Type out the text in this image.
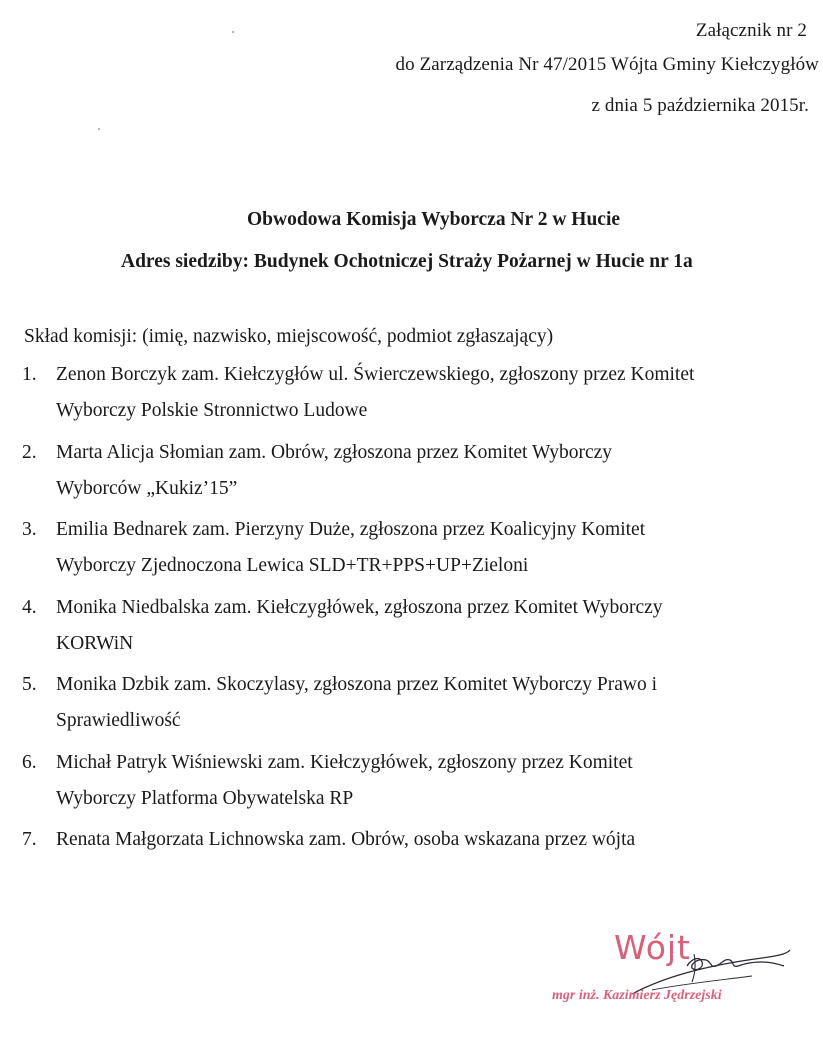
Załącznik nr 2
do Zarządzenia Nr 47/2015 Wójta Gminy Kiełczygłów
z dnia 5 października 2015r.
Obwodowa Komisja Wyborcza Nr 2 w Hucie
Adres siedziby: Budynek Ochotniczej Straży Pożarnej w Hucie nr 1a
Skład komisji: (imię, nazwisko, miejscowość, podmiot zgłaszający)
1. Zenon Borczyk zam. Kiełczygłów ul. Świerczewskiego, zgłoszony przez Komitet
Wyborczy Polskie Stronnictwo Ludowe
2. Marta Alicja Słomian zam. Obrów, zgłoszona przez Komitet Wyborczy
Wyborców „Kukiz’15”
3. Emilia Bednarek zam. Pierzyny Duże, zgłoszona przez Koalicyjny Komitet
Wyborczy Zjednoczona Lewica SLD+TR+PPS+UP+Zieloni
4. Monika Niedbalska zam. Kiełczygłówek, zgłoszona przez Komitet Wyborczy
KORWiN
5. Monika Dzbik zam. Skoczylasy, zgłoszona przez Komitet Wyborczy Prawo i
Sprawiedliwość
6. Michał Patryk Wiśniewski zam. Kiełczygłówek, zgłoszony przez Komitet
Wyborczy Platforma Obywatelska RP
7. Renata Małgorzata Lichnowska zam. Obrów, osoba wskazana przez wójta
Wójt
mgr inż. Kazimierz Jędrzejski
